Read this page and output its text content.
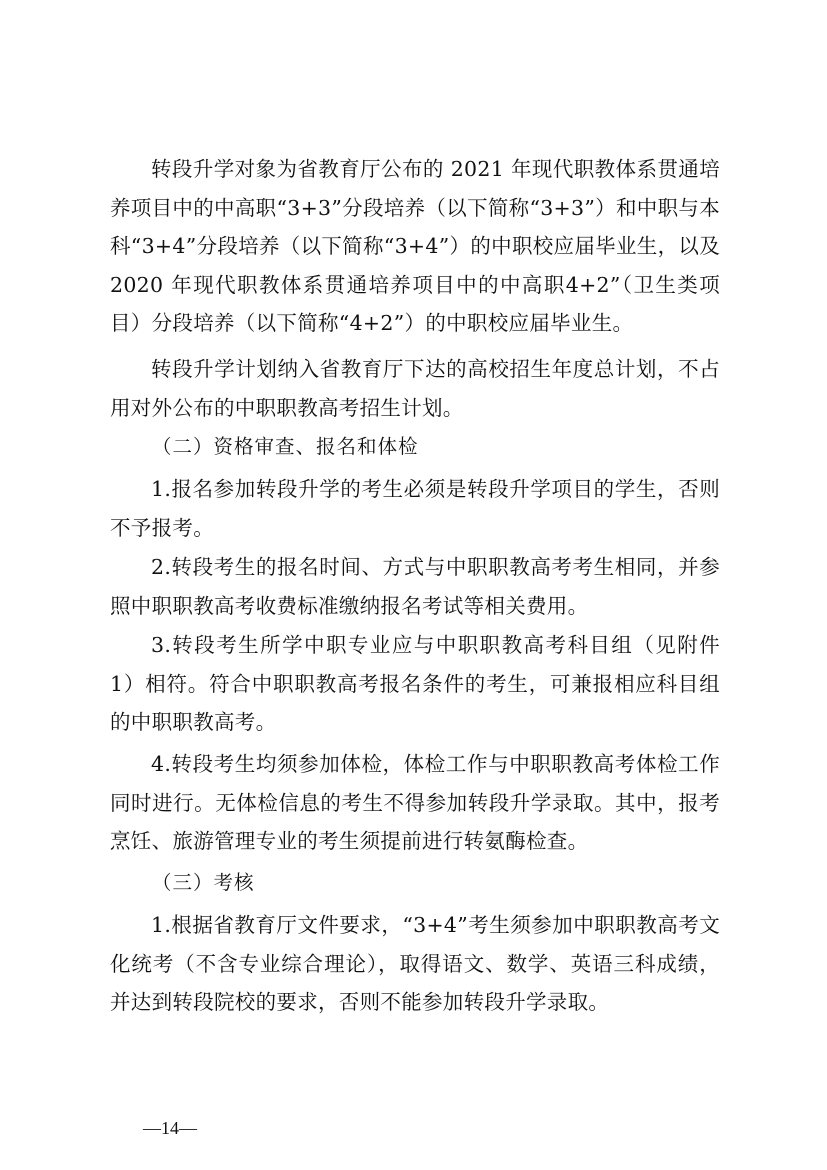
转段升学对象为省教育厅公布的 2021 年现代职教体系贯通培养项目中的中高职“3+3”分段培养（以下简称“3+3”）和中职与本科“3+4”分段培养（以下简称“3+4”）的中职校应届毕业生，以及 2020 年现代职教体系贯通培养项目中的中高职4+2”（卫生类项目）分段培养（以下简称“4+2”）的中职校应届毕业生。

转段升学计划纳入省教育厅下达的高校招生年度总计划，不占用对外公布的中职职教高考招生计划。

（二）资格审查、报名和体检

1.报名参加转段升学的考生必须是转段升学项目的学生，否则不予报考。

2.转段考生的报名时间、方式与中职职教高考考生相同，并参照中职职教高考收费标准缴纳报名考试等相关费用。

3.转段考生所学中职专业应与中职职教高考科目组（见附件 1）相符。符合中职职教高考报名条件的考生，可兼报相应科目组的中职职教高考。

4.转段考生均须参加体检，体检工作与中职职教高考体检工作同时进行。无体检信息的考生不得参加转段升学录取。其中，报考烹饪、旅游管理专业的考生须提前进行转氨酶检查。

（三）考核

1.根据省教育厅文件要求，“3+4”考生须参加中职职教高考文化统考（不含专业综合理论），取得语文、数学、英语三科成绩，并达到转段院校的要求，否则不能参加转段升学录取。

—14—
